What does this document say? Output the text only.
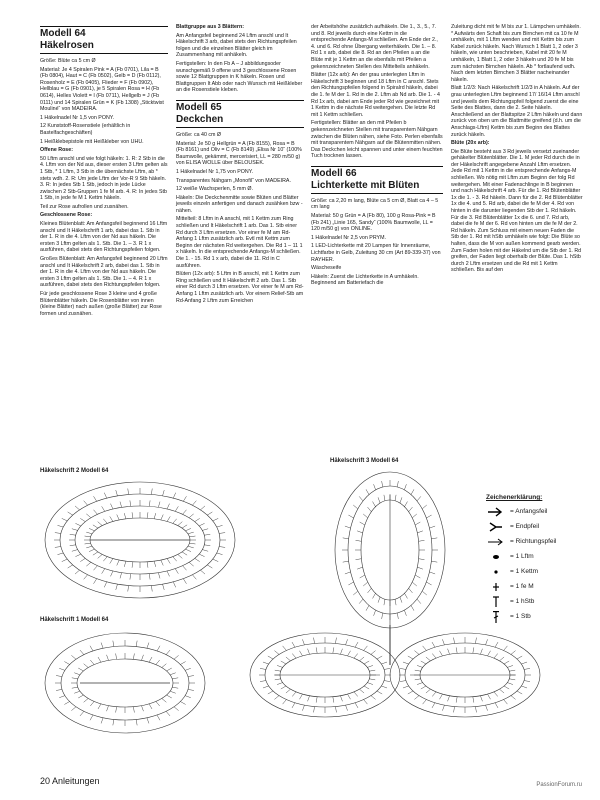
Modell 64
Häkelrosen

Größe: Blüte ca 5 cm Ø

Material: Je 4 Spiralen Pink = A (Fb 0701), Lila = B (Fb 0804), Haut = C (Fb 0502), Gelb = D (Fb 0112), Rosenholz = E (Fb 0405), Flieder = F (Fb 0902), Hellblau = G (Fb 0901), je 5 Spiralen Rosa = H (Fb 0614), Helles Violett = I (Fb 0711), Hellgelb = J (Fb 0111) und 14 Spiralen Grün = K (Fb 1308) „Sticktwist Mouliné“ von MADEIRA.

1 Häkelnadel Nr 1,5 von PONY.

12 Kunststoff-Rosenstiele (erhältlich in Bastelfachgeschäften)

1 Heißklebepistole mit Heißkleber von UHU.

Offene Rose:

50 Lftm anschl und wie folgt häkeln: 1. R: 2 Stb in die 4. Lftm von der Nd aus, dieser ersten 3 Lftm gelten als 1 Stb, * 1 Lftm, 3 Stb in die übernächste Lftm, ab * stets wdh. 2. R: Um jede Lftm der Vor-R 9 Stb häkeln. 3. R: In jedes Stb 1 Stb, jedoch in jede Lücke zwischen 2 Stb-Gruppen 1 fe M arb. 4. R: In jedes Stb 1 Stb, in jede fe M 1 Kettm häkeln.

Teil zur Rose aufrollen und zusnähen.

Geschlossene Rose:

Kleines Blütenblatt: Am Anfangsfeil beginnend 16 Lftm anschl und It Häkelschrift 1 arb, dabei das 1. Stb in der 1. R in die 4. Lftm von der Nd aus häkeln. Die ersten 3 Lftm gelten als 1. Stb. Die 1. – 3. R 1 x ausführen, dabei stets den Richtungspfeilen folgen.

Großes Blütenblatt: Am Anfangsfeil beginnend 20 Lftm anschl und It Häkelschrift 2 arb, dabei das 1. Stb in der 1. R in die 4. Lftm von der Nd aus häkeln. Die ersten 3 Lftm gelten als 1. Stb. Die 1. – 4. R 1 x ausführen, dabei stets den Richtungspfeilen folgen.

Für jede geschlossene Rose 3 kleine und 4 große Blütenblätter häkeln. Die Rosenblätter von innen (kleine Blätter) nach außen (große Blätter) zur Rose formen und zusnähen.

Blattgruppe aus 3 Blättern:

Am Anfangsfeil beginnend 24 Lftm anschl und It Häkelschrift 3 arb, dabei stets den Richtungspfeilen folgen und die einzelnen Blätter gleich im Zusammenhang mit anhäkeln.

Fertigstellen: In den Fb A – J abbildungsoder wunschgemäß 9 offene und 3 geschlossene Rosen sowie 12 Blattgruppen in K häkeln. Rosen und Blattgruppen It Abb oder nach Wunsch mit Heißkleber an die Rosenstiele kleben.

Modell 65
Deckchen

Größe: ca 40 cm Ø

Material: Je 50 g Hellgrün = A (Fb 8155), Rosa = B (Fb 8161) und Oliv = C (Fb 8149) „Elisa Nr 10“ (100% Baumwolle, gekämmt, mercerisiert, LL = 280 m/50 g) von ELISA WOLLE über BELOUSEK.

1 Häkelnadel Nr 1,75 von PONY.

Transparentes Nähgarn „Monofil“ von MADEIRA.

12 weiße Wachsperlen, 5 mm Ø.

Häkeln: Die Deckchenmitte sowie Blüten und Blätter jeweils einzeln anfertigen und danach zusähken bzw -nähen.

Mittelteil: 8 Lftm in A anschl, mit 1 Kettm zum Ring schließen und It Häkelschrift 1 arb. Das 1. Stb einer Rd durch 3 Lftm ersetzen. Vor einer fe M am Rd-Anfang 1 Lftm zusätzlich arb. Evtl mit Kettm zum Beginn der nächsten Rd weitergehen. Die Rd 1 – 11 1 x häkeln. In die entsprechende Anfangs-M schließen. Die 1. - 15. Rd 1 x arb, dabei die 11. Rd in C ausführen.

Blüten (12x arb): 5 Lftm in B anschl, mit 1 Kettm zum Ring schließen und It Häkelschrift 2 arb. Das 1. Stb einer Rd durch 3 Lftm ersetzen. Vor einer fe M am Rd-Anfang 1 Lftm zusätzlich arb. Vor einem Relief-Stb am Rd-Anfang 2 Lftm zum Erreichen

der Arbeitshöhe zusätzlich aufhäkeln. Die 1., 3., 5., 7. und 8. Rd jeweils durch eine Kettm in die entsprechende Anfangs-M schließen. Am Ende der 2., 4. und 6. Rd ohne Übergang weiterhäkeln. Die 1. – 8. Rd 1 x arb, dabei die 8. Rd an den Pfeilen a an die Blüte mit je 1 Kettm an die ebenfalls mit Pfeilen a gekennzeichneten Stellen des Mittelteils anhäkeln.

Blätter (12x arb): An der grau unterlegten Lftm in Häkelschrift 3 beginnen und 18 Lftm in C anschl. Stets den Richtungspfeilen folgend in Spiralrd häkeln, dabei die 1. fe M der 1. Rd in die 2. Lftm ab Nd arb. Die 1. - 4 Rd 1x arb, dabei am Ende jeder Rd wie gezeichnet mit 1 Kettm in die nächste Rd weitergehen. Die letzte Rd mit 1 Kettm schließen.

Fertigstellen: Blätter an den mit Pfeilen b gekennzeichneten Stellen mit transparentem Nähgarn zwischen die Blüten nähen, siehe Foto. Perlen ebenfalls mit transparentem Nähgarn auf die Blütenmitten nähen. Das Deckchen leicht spannen und unter einem feuchten Tuch trocknen lassen.

Modell 66
Lichterkette mit Blüten

Größe: ca 2,20 m lang, Blüte ca 5 cm Ø, Blatt ca 4 – 5 cm lang

Material: 50 g Grün = A (Fb 80), 100 g Rosa-Pink = B (Fb 241) „Linie 165, Sandy“ (100% Baumwolle, LL = 120 m/50 g) von ONLINE.

1 Häkelnadel Nr 2,5 von PRYM.

1 LED-Lichterkette mit 20 Lampen für Innenräume, Lichtfarbe in Gelb, Zuleitung 30 cm (Art 89-339-37) von RAYHER.

Wäscheseife

Häkeln: Zuerst die Lichterkette in A umhäkeln. Beginnend am Batteriefach die

Zuleitung dicht mit fe M bis zur 1. Lämpchen umhäkeln. * Aufwärts den Schaft bis zum Birnchen mit ca 10 fe M umhäkeln, mit 1 Lftm wenden und mit Kettm bis zum Kabel zurück häkeln. Nach Wunsch 1 Blatt 1, 2 oder 3 häkeln, wie unten beschrieben, Kabel mit 20 fe M umhäkeln, 1 Blatt 1, 2 oder 3 häkeln und 20 fe M bis zum nächsten Birnchen häkeln. Ab * fortlaufend wdh. Nach dem letzten Birnchen 3 Blätter nacheinander häkeln.

Blatt 1/2/3: Nach Häkelschrift 1/2/3 in A häkeln. Auf der grau unterlegten Lftm beginnend 17/ 16/14 Lftm anschl und jeweils dem Richtungspfeil folgend zuerst die eine Seite des Blattes, dann die 2. Seite häkeln. Anschließend an der Blattspitze 2 Lftm häkeln und dann zurück von oben um die Blattmitte greifend (d.h. um die Anschlags-Lftm) Kettm bis zum Beginn des Blattes zurück häkeln.

Blüte (20x arb):

Die Blüte besteht aus 3 Rd jeweils versetzt zueinander gehäkelter Blütenblätter. Die 1. M jeder Rd durch die in der Häkelschrift angegebene Anzahl Lftm ersetzen. Jede Rd mit 1 Kettm in die entsprechende Anfangs-M schließen. Wo nötig mit Lftm zum Beginn der folg Rd weitergehen. Mit einer Fadenschlinge in B beginnen und nach Häkelschrift 4 arb. Für die 1. Rd Blütenblätter 1x die 1. - 3. Rd häkeln. Dann für die 2. Rd Blütenblätter 1x die 4. und 5. Rd arb, dabei die fe M der 4. Rd von hinten in die darunter liegenden Stb der 1. Rd häkeln. Für die 3. Rd Blütenblätter 1x die 6. und 7. Rd arb, dabei die fe M der 6. Rd von hinten um die fe M der 2. Rd häkeln. Zum Schluss mit einem neuen Faden die Stb der 1. Rd mit hStb umhäkeln wie folgt: Die Blüte so halten, dass die M von außen kommend gearb werden. Zum Faden holen mit der Häkelnd um die Stb der 1. Rd greifen, der Faden liegt oberhalb der Blüte. Das 1. hStb durch 2 Lftm ersetzen und die Rd mit 1 Kettm schließen. Bis auf den

Häkelschrift 2 Modell 64
Häkelschrift 3 Modell 64
Häkelschrift 1 Modell 64
Zeichenerklärung:
= Anfangsfeil
= Endpfeil
= Richtungspfeil
= 1 Lftm
= 1 Kettm
= 1 fe M
= 1 hStb
= 1 Stb
20 Anleitungen	PassionForum.ru
